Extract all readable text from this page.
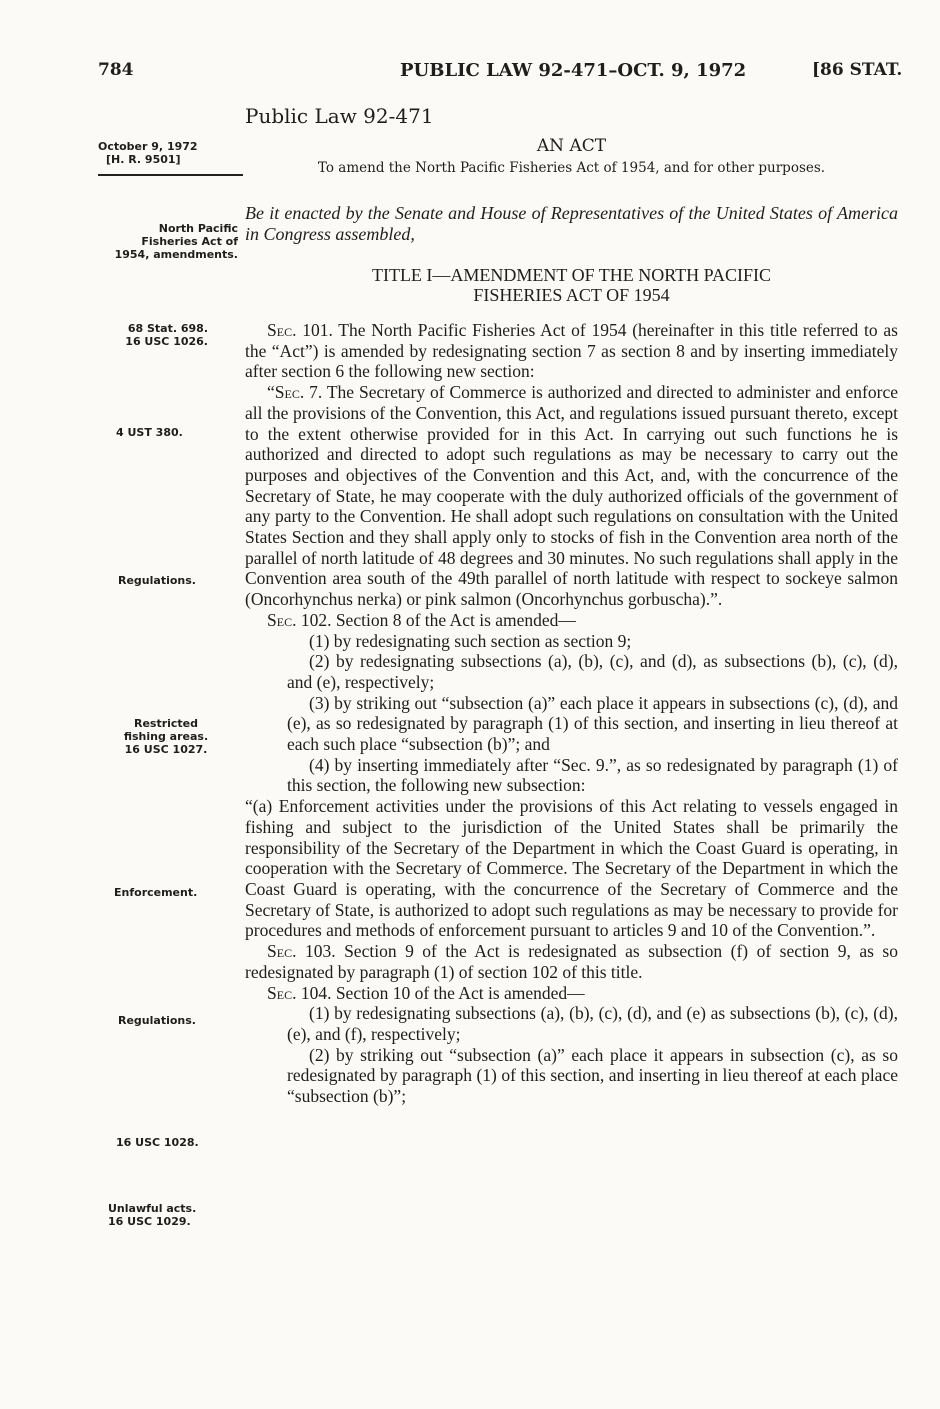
784	PUBLIC LAW 92-471–OCT. 9, 1972	[86 STAT.
Public Law 92-471
October 9, 1972
[H. R. 9501]
AN ACT
To amend the North Pacific Fisheries Act of 1954, and for other purposes.
North Pacific
Fisheries Act of
1954, amendments.
68 Stat. 698.
16 USC 1026.
4 UST 380.
Regulations.
Restricted
fishing areas.
16 USC 1027.
Enforcement.
Regulations.
16 USC 1028.
Unlawful acts.
16 USC 1029.
Be it enacted by the Senate and House of Representatives of the United States of America in Congress assembled,
TITLE I—AMENDMENT OF THE NORTH PACIFIC
FISHERIES ACT OF 1954

Sec. 101. The North Pacific Fisheries Act of 1954 (hereinafter in this title referred to as the “Act”) is amended by redesignating section 7 as section 8 and by inserting immediately after section 6 the following new section:

“Sec. 7. The Secretary of Commerce is authorized and directed to administer and enforce all the provisions of the Convention, this Act, and regulations issued pursuant thereto, except to the extent otherwise provided for in this Act. In carrying out such functions he is authorized and directed to adopt such regulations as may be necessary to carry out the purposes and objectives of the Convention and this Act, and, with the concurrence of the Secretary of State, he may cooperate with the duly authorized officials of the government of any party to the Convention. He shall adopt such regulations on consultation with the United States Section and they shall apply only to stocks of fish in the Convention area north of the parallel of north latitude of 48 degrees and 30 minutes. No such regulations shall apply in the Convention area south of the 49th parallel of north latitude with respect to sockeye salmon (Oncorhynchus nerka) or pink salmon (Oncorhynchus gorbuscha).”.

Sec. 102. Section 8 of the Act is amended—

(1) by redesignating such section as section 9;

(2) by redesignating subsections (a), (b), (c), and (d), as subsections (b), (c), (d), and (e), respectively;

(3) by striking out “subsection (a)” each place it appears in subsections (c), (d), and (e), as so redesignated by paragraph (1) of this section, and inserting in lieu thereof at each such place “subsection (b)”; and

(4) by inserting immediately after “Sec. 9.”, as so redesignated by paragraph (1) of this section, the following new subsection:

“(a) Enforcement activities under the provisions of this Act relating to vessels engaged in fishing and subject to the jurisdiction of the United States shall be primarily the responsibility of the Secretary of the Department in which the Coast Guard is operating, in cooperation with the Secretary of Commerce. The Secretary of the Department in which the Coast Guard is operating, with the concurrence of the Secretary of Commerce and the Secretary of State, is authorized to adopt such regulations as may be necessary to provide for procedures and methods of enforcement pursuant to articles 9 and 10 of the Convention.”.

Sec. 103. Section 9 of the Act is redesignated as subsection (f) of section 9, as so redesignated by paragraph (1) of section 102 of this title.

Sec. 104. Section 10 of the Act is amended—

(1) by redesignating subsections (a), (b), (c), (d), and (e) as subsections (b), (c), (d), (e), and (f), respectively;

(2) by striking out “subsection (a)” each place it appears in subsection (c), as so redesignated by paragraph (1) of this section, and inserting in lieu thereof at each place “subsection (b)”;
